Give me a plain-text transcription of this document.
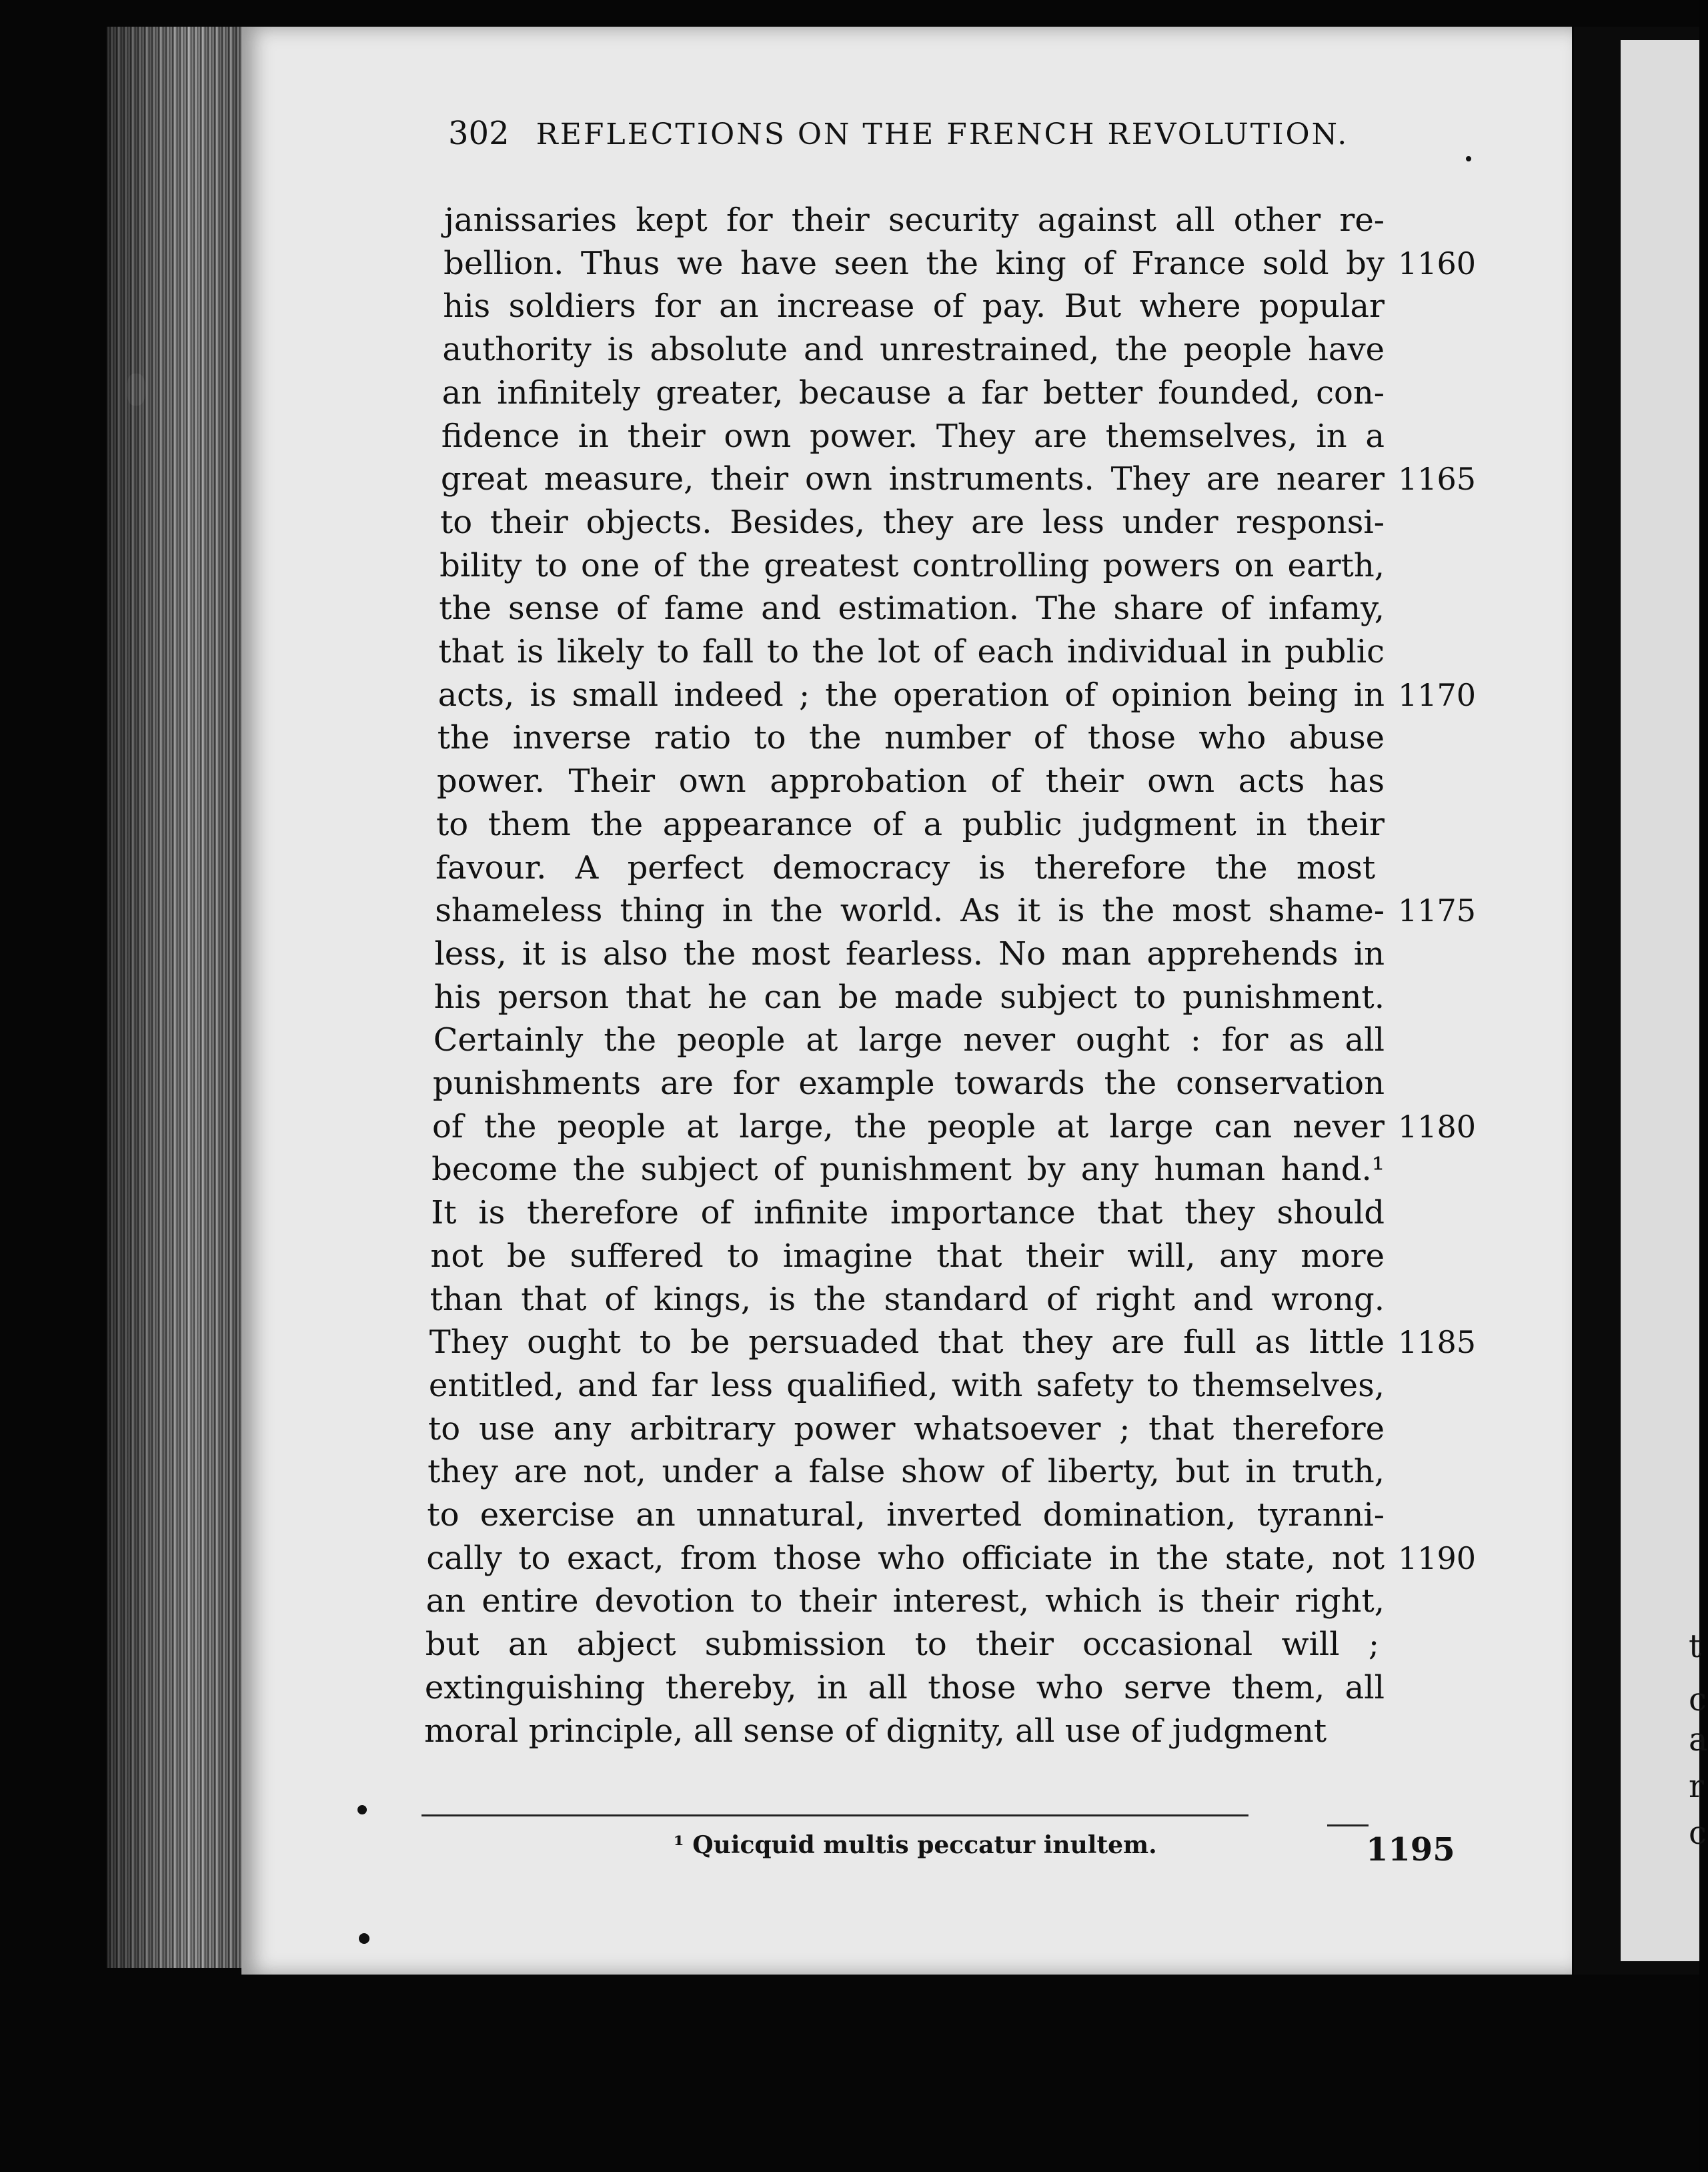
302 REFLECTIONS ON THE FRENCH REVOLUTION.
janissaries kept for their security against all other re-
bellion. Thus we have seen the king of France sold by
his soldiers for an increase of pay. But where popular
authority is absolute and unrestrained, the people have
an infinitely greater, because a far better founded, con-
fidence in their own power. They are themselves, in a
great measure, their own instruments. They are nearer
to their objects. Besides, they are less under responsi-
bility to one of the greatest controlling powers on earth,
the sense of fame and estimation. The share of infamy,
that is likely to fall to the lot of each individual in public
acts, is small indeed ; the operation of opinion being in
the inverse ratio to the number of those who abuse
power. Their own approbation of their own acts has
to them the appearance of a public judgment in their
favour. A perfect democracy is therefore the most
shameless thing in the world. As it is the most shame-
less, it is also the most fearless. No man apprehends in
his person that he can be made subject to punishment.
Certainly the people at large never ought : for as all
punishments are for example towards the conservation
of the people at large, the people at large can never
become the subject of punishment by any human hand.¹
It is therefore of infinite importance that they should
not be suffered to imagine that their will, any more
than that of kings, is the standard of right and wrong.
They ought to be persuaded that they are full as little
entitled, and far less qualified, with safety to themselves,
to use any arbitrary power whatsoever ; that therefore
they are not, under a false show of liberty, but in truth,
to exercise an unnatural, inverted domination, tyranni-
cally to exact, from those who officiate in the state, not
an entire devotion to their interest, which is their right,
but an abject submission to their occasional will ;
extinguishing thereby, in all those who serve them, all
moral principle, all sense of dignity, all use of judgment
1160
1165
1170
1175
1180
1185
1190
¹ Quicquid multis peccatur inultem.	1195
t
c
a
r
c
